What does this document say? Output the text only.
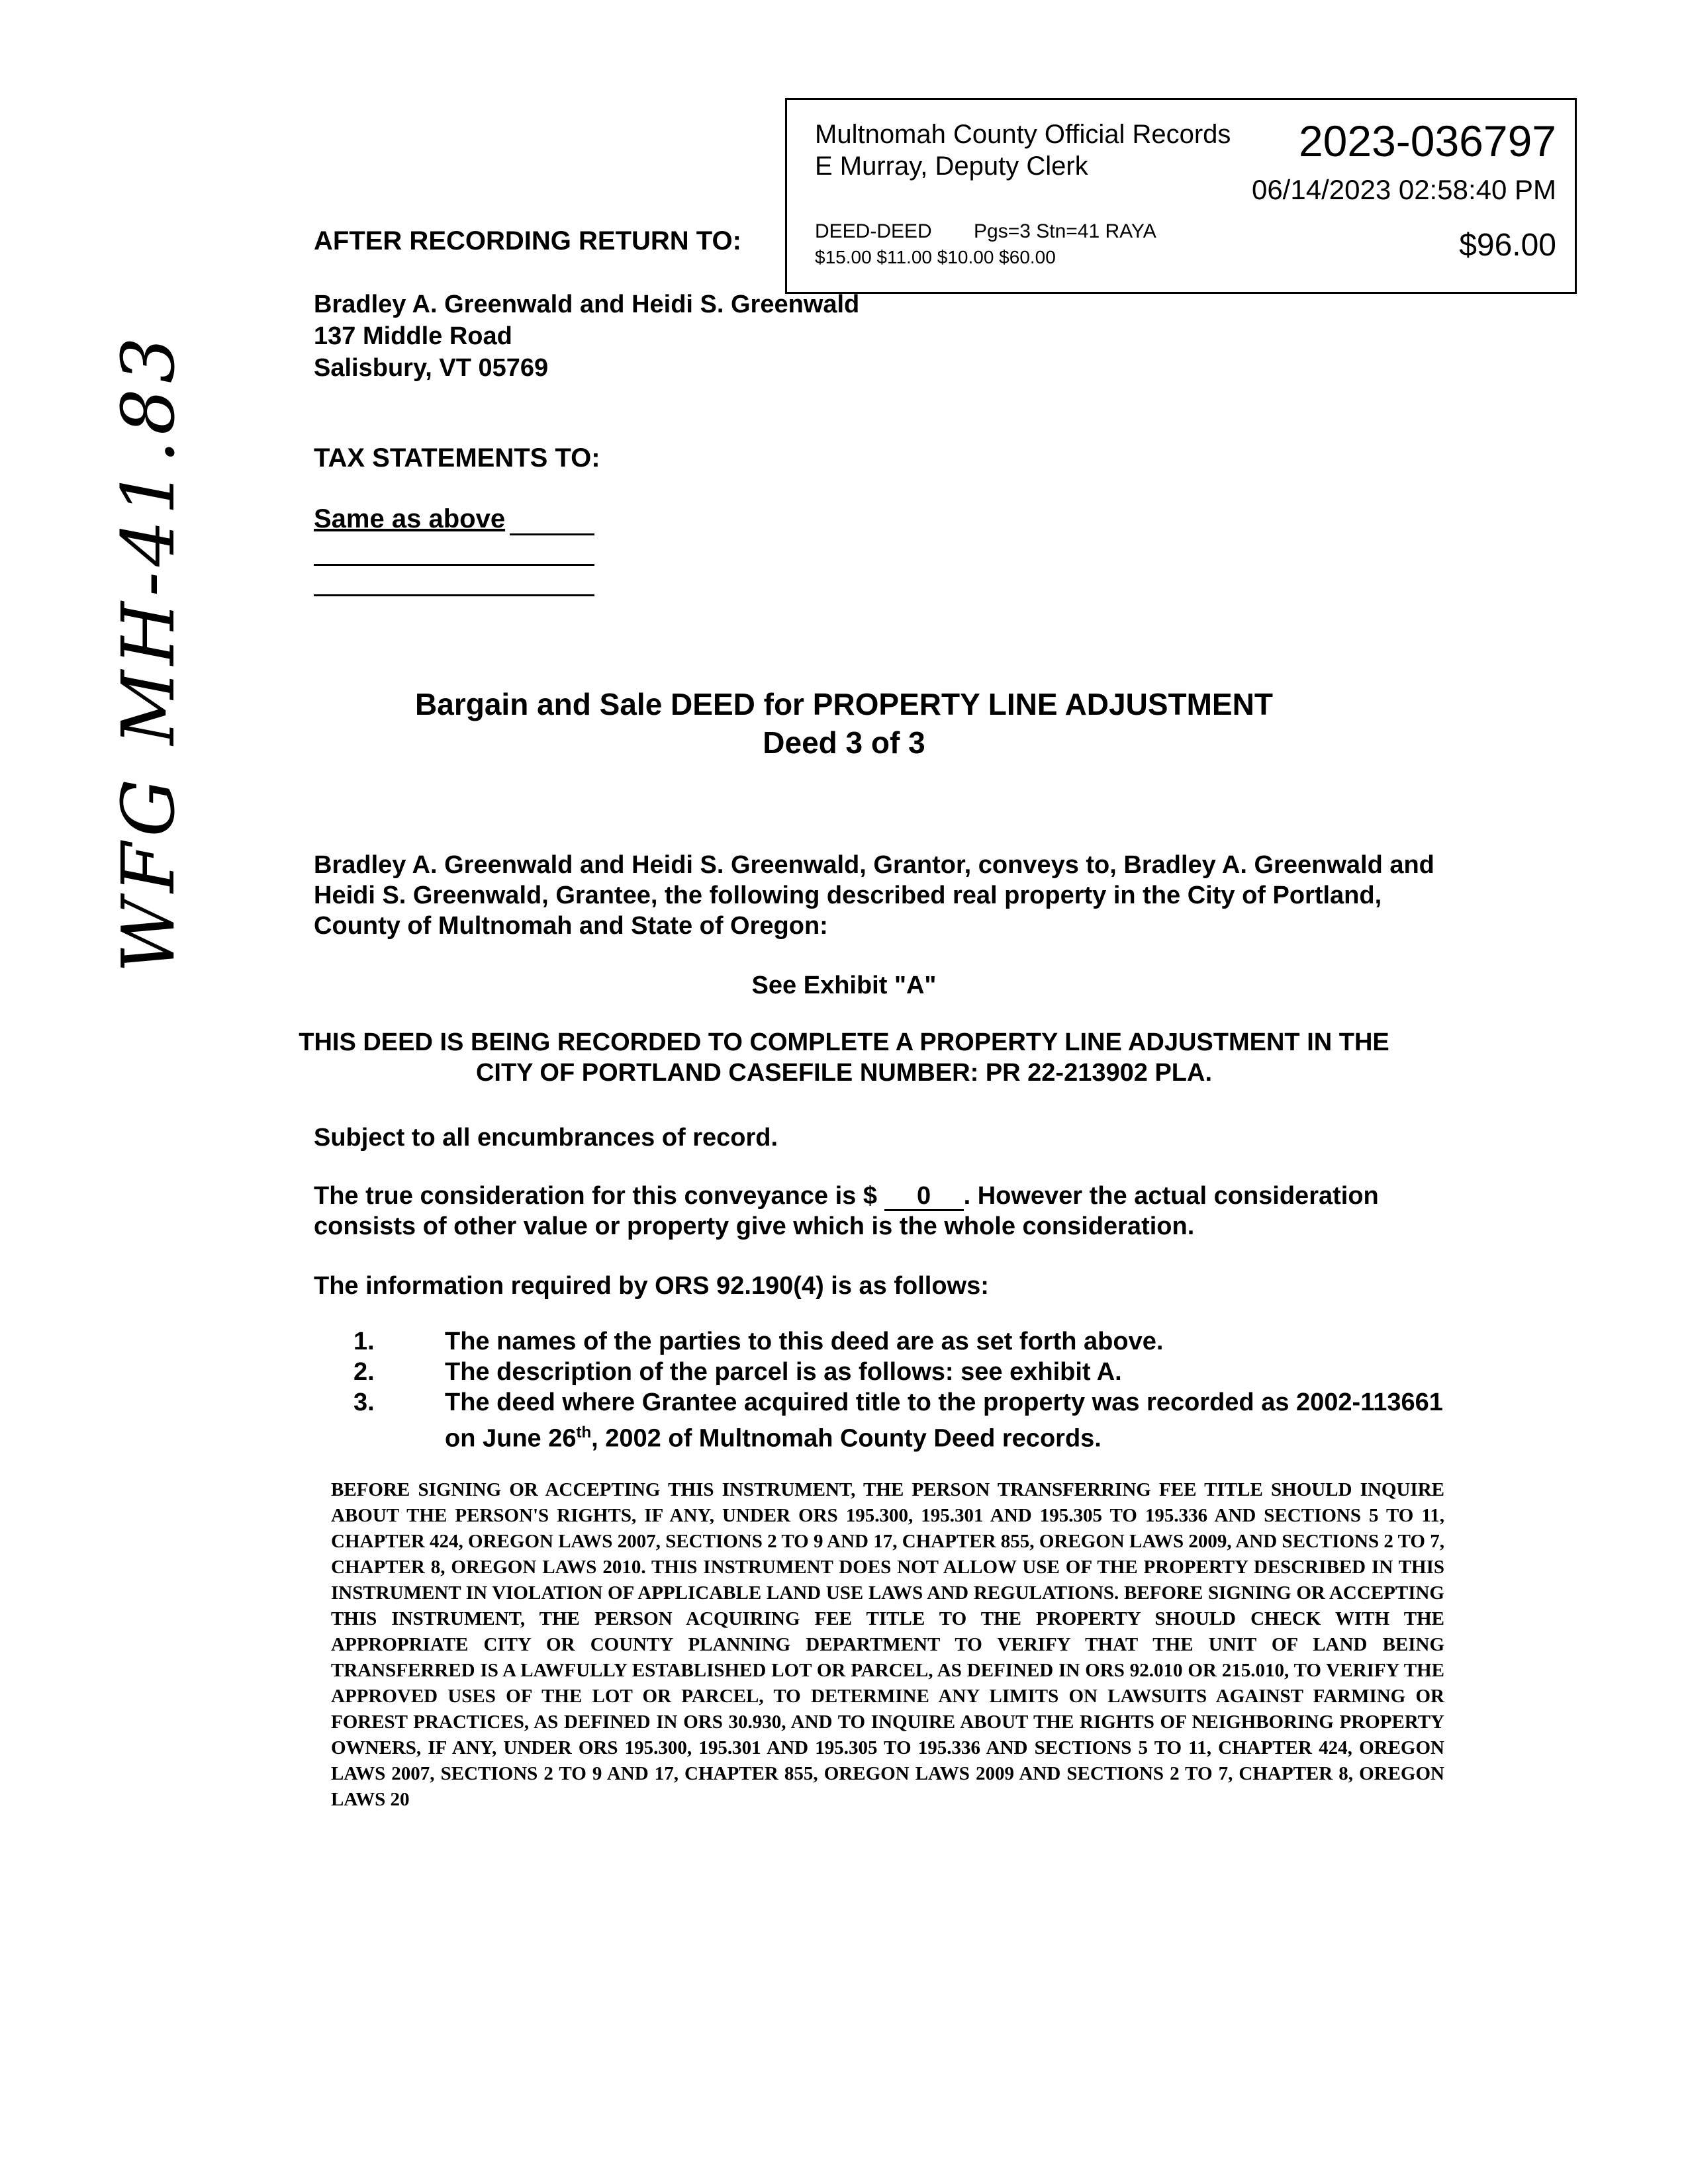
Multnomah County Official Records
E Murray, Deputy Clerk
2023-036797
06/14/2023 02:58:40 PM
DEED-DEED Pgs=3 Stn=41 RAYA
$15.00 $11.00 $10.00 $60.00	$96.00
WFG MH-41.83
AFTER RECORDING RETURN TO:
Bradley A. Greenwald and Heidi S. Greenwald
137 Middle Road
Salisbury, VT 05769
TAX STATEMENTS TO:
Same as above
Bargain and Sale DEED for PROPERTY LINE ADJUSTMENT
Deed 3 of 3
Bradley A. Greenwald and Heidi S. Greenwald, Grantor, conveys to, Bradley A. Greenwald and Heidi S. Greenwald, Grantee, the following described real property in the City of Portland, County of Multnomah and State of Oregon:
See Exhibit "A"
THIS DEED IS BEING RECORDED TO COMPLETE A PROPERTY LINE ADJUSTMENT IN THE
CITY OF PORTLAND CASEFILE NUMBER: PR 22-213902 PLA.
Subject to all encumbrances of record.
The true consideration for this conveyance is $ 0 . However the actual consideration consists of other value or property give which is the whole consideration.
The information required by ORS 92.190(4) is as follows:
1.	The names of the parties to this deed are as set forth above.
2.	The description of the parcel is as follows: see exhibit A.
3.	The deed where Grantee acquired title to the property was recorded as 2002-113661 on June 26th, 2002 of Multnomah County Deed records.
BEFORE SIGNING OR ACCEPTING THIS INSTRUMENT, THE PERSON TRANSFERRING FEE TITLE SHOULD INQUIRE ABOUT THE PERSON'S RIGHTS, IF ANY, UNDER ORS 195.300, 195.301 AND 195.305 TO 195.336 AND SECTIONS 5 TO 11, CHAPTER 424, OREGON LAWS 2007, SECTIONS 2 TO 9 AND 17, CHAPTER 855, OREGON LAWS 2009, AND SECTIONS 2 TO 7, CHAPTER 8, OREGON LAWS 2010. THIS INSTRUMENT DOES NOT ALLOW USE OF THE PROPERTY DESCRIBED IN THIS INSTRUMENT IN VIOLATION OF APPLICABLE LAND USE LAWS AND REGULATIONS. BEFORE SIGNING OR ACCEPTING THIS INSTRUMENT, THE PERSON ACQUIRING FEE TITLE TO THE PROPERTY SHOULD CHECK WITH THE APPROPRIATE CITY OR COUNTY PLANNING DEPARTMENT TO VERIFY THAT THE UNIT OF LAND BEING TRANSFERRED IS A LAWFULLY ESTABLISHED LOT OR PARCEL, AS DEFINED IN ORS 92.010 OR 215.010, TO VERIFY THE APPROVED USES OF THE LOT OR PARCEL, TO DETERMINE ANY LIMITS ON LAWSUITS AGAINST FARMING OR FOREST PRACTICES, AS DEFINED IN ORS 30.930, AND TO INQUIRE ABOUT THE RIGHTS OF NEIGHBORING PROPERTY OWNERS, IF ANY, UNDER ORS 195.300, 195.301 AND 195.305 TO 195.336 AND SECTIONS 5 TO 11, CHAPTER 424, OREGON LAWS 2007, SECTIONS 2 TO 9 AND 17, CHAPTER 855, OREGON LAWS 2009 AND SECTIONS 2 TO 7, CHAPTER 8, OREGON LAWS 20
